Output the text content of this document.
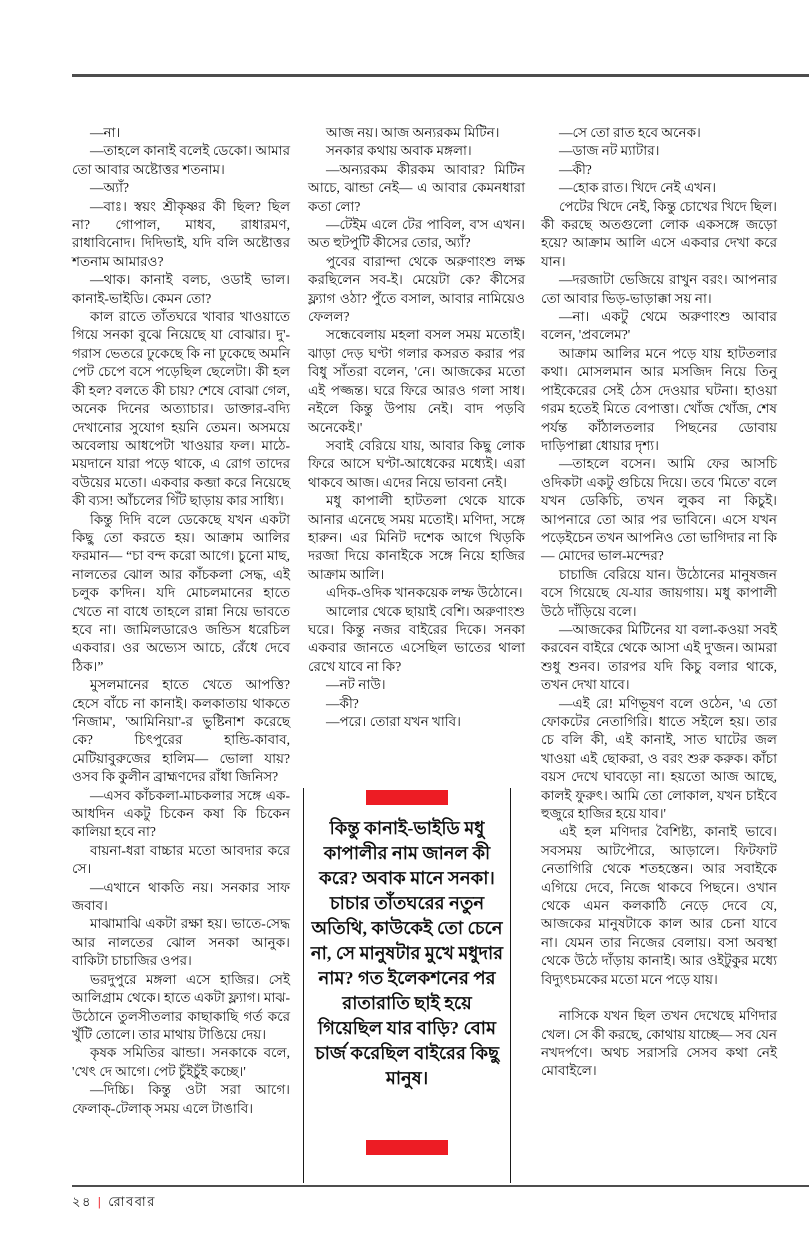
—না।

—তাহলে কানাই বলেই ডেকো। আমার তো আবার অষ্টোত্তর শতনাম।

—অ্যাঁ?

—বাঃ। স্বয়ং শ্রীকৃষ্ণর কী ছিল? ছিল না? গোপাল, মাধব, রাধারমণ, রাধাবিনোদ। দিদিভাই, যদি বলি অষ্টোত্তর শতনাম আমারও?

—থাক। কানাই বলচ, ওডাই ভাল। কানাই-ভাইডি। কেমন তো?

কাল রাতে তাঁতঘরে খাবার খাওয়াতে গিয়ে সনকা বুঝে নিয়েছে যা বোঝার। দু'-গরাস ভেতরে ঢুকেছে কি না ঢুকেছে অমনি পেট চেপে বসে পড়েছিল ছেলেটা। কী হল কী হল? বলতে কী চায়? শেষে বোঝা গেল, অনেক দিনের অত্যাচার। ডাক্তার-বদ্যি দেখানোর সুযোগ হয়নি তেমন। অসময়ে অবেলায় আধপেটা খাওয়ার ফল। মাঠে-ময়দানে যারা পড়ে থাকে, এ রোগ তাদের বউয়ের মতো। একবার কব্জা করে নিয়েছে কী ব্যস! আঁচলের গিঁট ছাড়ায় কার সাধ্যি।

কিন্তু দিদি বলে ডেকেছে যখন একটা কিছু তো করতে হয়। আক্রাম আলির ফরমান— “চা বন্দ করো আগে। চুনো মাছ, নালতের ঝোল আর কাঁচকলা সেদ্ধ, এই চলুক ক'দিন। যদি মোচলমানের হাতে খেতে না বাধে তাহলে রান্না নিয়ে ভাবতে হবে না। জামিলডারেও জন্ডিস ধরেচিল একবার। ওর অভ্যেস আচে, রেঁধে দেবে ঠিক।”

মুসলমানের হাতে খেতে আপত্তি? হেসে বাঁচে না কানাই। কলকাতায় থাকতে 'নিজাম', 'আমিনিয়া'-র ভুষ্টিনাশ করেছে কে? চিৎপুরের হান্ডি-কাবাব, মেটিয়াবুরুজের হালিম— ভোলা যায়? ওসব কি কুলীন ব্রাহ্মণদের রাঁধা জিনিস?

—এসব কাঁচকলা-মাচকলার সঙ্গে এক-আধদিন একটু চিকেন কষা কি চিকেন কালিয়া হবে না?

বায়না-ধরা বাচ্চার মতো আবদার করে সে।

—এখানে থাকতি নয়। সনকার সাফ জবাব।

মাঝামাঝি একটা রক্ষা হয়। ভাতে-সেদ্ধ আর নালতের ঝোল সনকা আনুক। বাকিটা চাচাজির ওপর।

ভরদুপুরে মঙ্গলা এসে হাজির। সেই আলিগ্রাম থেকে। হাতে একটা ফ্ল্যাগ। মাঝ-উঠোনে তুলসীতলার কাছাকাছি গর্ত করে খুঁটি তোলে। তার মাথায় টাঙিয়ে দেয়।

কৃষক সমিতির ঝান্ডা। সনকাকে বলে, 'খেৎ দে আগে। পেট চুঁইচুঁই কচ্ছে।'

—দিচ্চি। কিন্তু ওটা সরা আগে। ফেলাক্-টেলাক্ সময় এলে টাঙাবি।

আজ নয়। আজ অন্যরকম মিটিন।

সনকার কথায় অবাক মঙ্গলা।

—অন্যরকম কীরকম আবার? মিটিন আচে, ঝান্ডা নেই— এ আবার কেমনধারা কতা লো?

—টেইম এলে টের পাবিল, ব'স এখন। অত হুটপুটি কীসের তোর, অ্যাঁ?

পুবের বারান্দা থেকে অরুণাংশু লক্ষ করছিলেন সব-ই। মেয়েটা কে? কীসের ফ্ল্যাগ ওঠা? পুঁতে বসাল, আবার নামিয়েও ফেলল?

সন্ধেবেলায় মহলা বসল সময় মতোই। ঝাড়া দেড় ঘণ্টা গলার কসরত করার পর বিধু সাঁতরা বলেন, 'নে। আজকের মতো এই পজ্জন্ত। ঘরে ফিরে আরও গলা সাধ। নইলে কিন্তু উপায় নেই। বাদ পড়বি অনেকেই।'

সবাই বেরিয়ে যায়, আবার কিছু লোক ফিরে আসে ঘণ্টা-আধেকের মধ্যেই। এরা থাকবে আজ। এদের নিয়ে ভাবনা নেই।

মধু কাপালী হাটতলা থেকে যাকে আনার এনেছে সময় মতোই। মণিদা, সঙ্গে হারুন। এর মিনিট দশেক আগে খিড়কি দরজা দিয়ে কানাইকে সঙ্গে নিয়ে হাজির আক্রাম আলি।

এদিক-ওদিক খানকয়েক লম্ফ উঠোনে।

আলোর থেকে ছায়াই বেশি। অরুণাংশু ঘরে। কিন্তু নজর বাইরের দিকে। সনকা একবার জানতে এসেছিল ভাতের থালা রেখে যাবে না কি?

—নট নাউ।

—কী?

—পরে। তোরা যখন খাবি।

—সে তো রাত হবে অনেক।

—ডাজ নট ম্যাটার।

—কী?

—হোক রাত। খিদে নেই এখন।

পেটের খিদে নেই, কিন্তু চোখের খিদে ছিল। কী করছে অতগুলো লোক একসঙ্গে জড়ো হয়ে? আক্রাম আলি এসে একবার দেখা করে যান।

—দরজাটা ভেজিয়ে রাখুন বরং। আপনার তো আবার ভিড়-ভাড়াক্কা সয় না।

—না। একটু থেমে অরুণাংশু আবার বলেন, 'প্রবলেম?'

আক্রাম আলির মনে পড়ে যায় হাটতলার কথা। মোসলমান আর মসজিদ নিয়ে তিনু পাইকেরের সেই ঠেস দেওয়ার ঘটনা। হাওয়া গরম হতেই মিতে বেপাত্তা। খোঁজ খোঁজ, শেষ পর্যন্ত কাঁঠালতলার পিছনের ডোবায় দাড়িপাল্লা ধোয়ার দৃশ্য।

—তাহলে বসেন। আমি ফের আসচি ওদিকটা একটু গুচিয়ে দিয়ে। তবে 'মিতে' বলে যখন ডেকিচি, তখন লুকব না কিচুই। আপনারে তো আর পর ভাবিনে। এসে যখন পড়েইচেন তখন আপনিও তো ভাগিদার না কি— মোদের ভাল-মন্দের?

চাচাজি বেরিয়ে যান। উঠোনের মানুষজন বসে গিয়েছে যে-যার জায়গায়। মধু কাপালী উঠে দাঁড়িয়ে বলে।

—আজকের মিটিনের যা বলা-কওয়া সবই করবেন বাইরে থেকে আসা এই দু'জন। আমরা শুধু শুনব। তারপর যদি কিচু বলার থাকে, তখন দেখা যাবে।

—এই রে! মণিভূষণ বলে ওঠেন, 'এ তো ফোকটের নেতাগিরি। ধাতে সইলে হয়। তার চে বলি কী, এই কানাই, সাত ঘাটের জল খাওয়া এই ছোকরা, ও বরং শুরু করুক। কাঁচা বয়স দেখে ঘাবড়ো না। হয়তো আজ আছে, কালই ফুরুৎ। আমি তো লোকাল, যখন চাইবে হুজুরে হাজির হয়ে যাব।'

এই হল মণিদার বৈশিষ্ট্য, কানাই ভাবে। সবসময় আটপৌরে, আড়ালে। ফিটফাট নেতাগিরি থেকে শতহস্তেন। আর সবাইকে এগিয়ে দেবে, নিজে থাকবে পিছনে। ওখান থেকে এমন কলকাঠি নেড়ে দেবে যে, আজকের মানুষটাকে কাল আর চেনা যাবে না। যেমন তার নিজের বেলায়। বসা অবস্থা থেকে উঠে দাঁড়ায় কানাই। আর ওইটুকুর মধ্যে বিদ্যুৎচমকের মতো মনে পড়ে যায়।

নাসিকে যখন ছিল তখন দেখেছে মণিদার খেল। সে কী করছে, কোথায় যাচ্ছে— সব যেন নখদর্পণে। অথচ সরাসরি সেসব কথা নেই মোবাইলে।

কিন্তু কানাই-ভাইডি মধু কাপালীর নাম জানল কী করে? অবাক মানে সনকা। চাচার তাঁতঘরের নতুন অতিথি, কাউকেই তো চেনে না, সে মানুষটার মুখে মধুদার নাম? গত ইলেকশনের পর রাতারাতি ছাই হয়ে গিয়েছিল যার বাড়ি? বোম চার্জ করেছিল বাইরের কিছু মানুষ।
২৪ | রোববার
